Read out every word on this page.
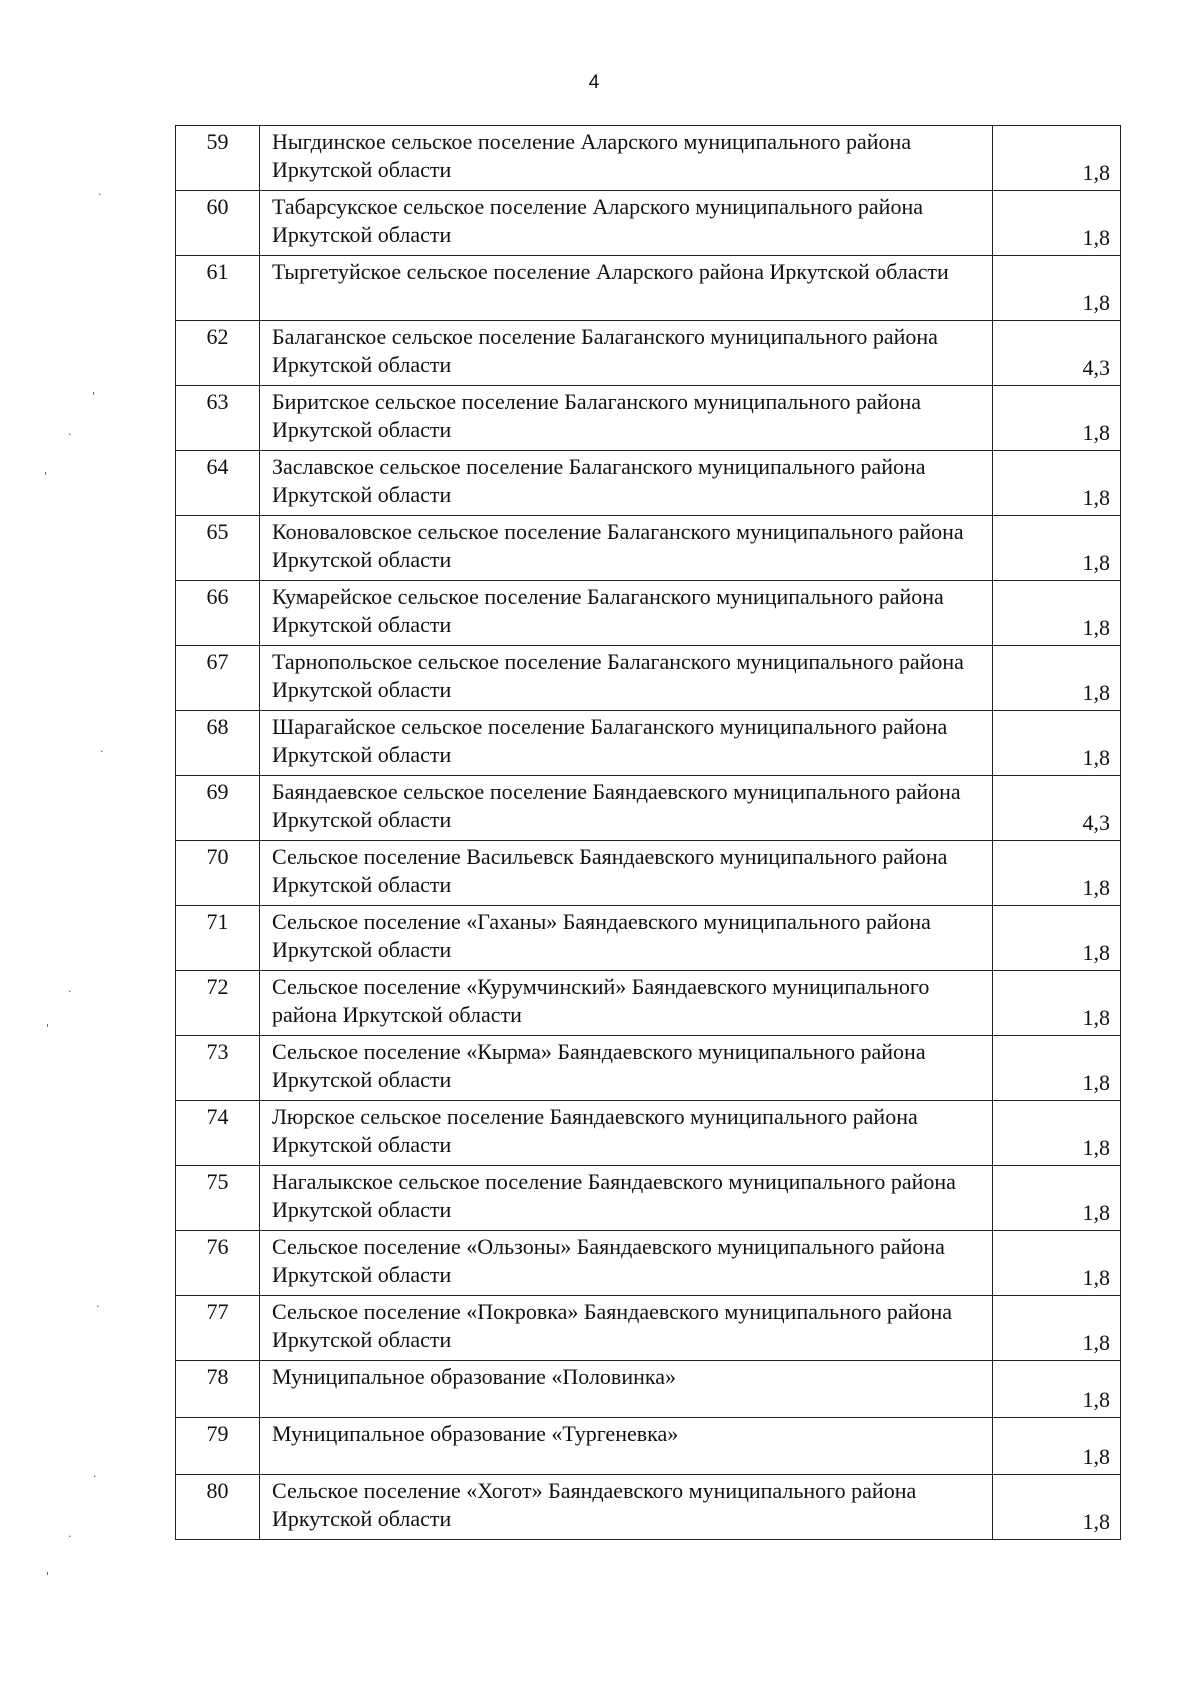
4
59	Ныгдинское сельское поселение Аларского муниципального района Иркутской области	1,8
60	Табарсукское сельское поселение Аларского муниципального района Иркутской области	1,8
61	Тыргетуйское сельское поселение Аларского района Иркутской области	1,8
62	Балаганское сельское поселение Балаганского муниципального района Иркутской области	4,3
63	Биритское сельское поселение Балаганского муниципального района Иркутской области	1,8
64	Заславское сельское поселение Балаганского муниципального района Иркутской области	1,8
65	Коноваловское сельское поселение Балаганского муниципального района Иркутской области	1,8
66	Кумарейское сельское поселение Балаганского муниципального района Иркутской области	1,8
67	Тарнопольское сельское поселение Балаганского муниципального района Иркутской области	1,8
68	Шарагайское сельское поселение Балаганского муниципального района Иркутской области	1,8
69	Баяндаевское сельское поселение Баяндаевского муниципального района Иркутской области	4,3
70	Сельское поселение Васильевск Баяндаевского муниципального района Иркутской области	1,8
71	Сельское поселение «Гаханы» Баяндаевского муниципального района Иркутской области	1,8
72	Сельское поселение «Курумчинский» Баяндаевского муниципального района Иркутской области	1,8
73	Сельское поселение «Кырма» Баяндаевского муниципального района Иркутской области	1,8
74	Люрское сельское поселение Баяндаевского муниципального района Иркутской области	1,8
75	Нагалыкское сельское поселение Баяндаевского муниципального района Иркутской области	1,8
76	Сельское поселение «Ользоны» Баяндаевского муниципального района Иркутской области	1,8
77	Сельское поселение «Покровка» Баяндаевского муниципального района Иркутской области	1,8
78	Муниципальное образование «Половинка»	1,8
79	Муниципальное образование «Тургеневка»	1,8
80	Сельское поселение «Хогот» Баяндаевского муниципального района Иркутской области	1,8
·
'
·
'
·
·
'
·
·
·
'
